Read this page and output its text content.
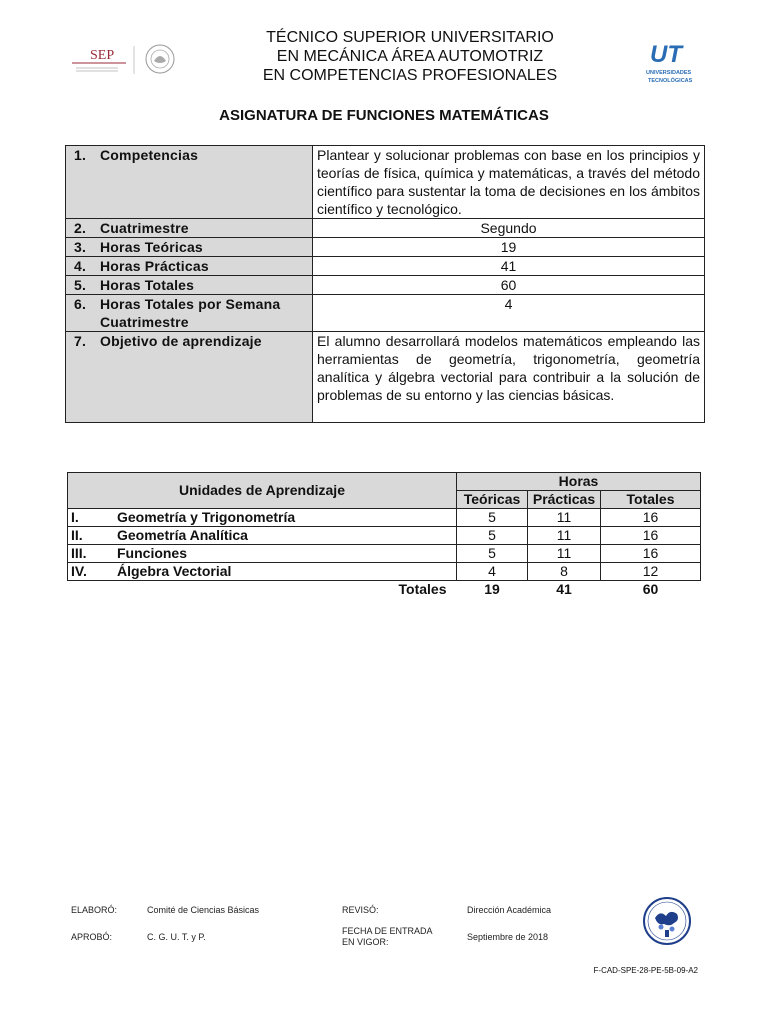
SEP	UT
UNIVERSIDADES
TECNOLÓGICAS
TÉCNICO SUPERIOR UNIVERSITARIO
EN MECÁNICA ÁREA AUTOMOTRIZ
EN COMPETENCIAS PROFESIONALES
ASIGNATURA DE FUNCIONES MATEMÁTICAS
1. Competencias	Plantear y solucionar problemas con base en los principios y teorías de física, química y matemáticas, a través del método científico para sustentar la toma de decisiones en los ámbitos científico y tecnológico.
2. Cuatrimestre	Segundo
3. Horas Teóricas	19
4. Horas Prácticas	41
5. Horas Totales	60
6. Horas Totales por Semana
Cuatrimestre	4
7. Objetivo de aprendizaje	El alumno desarrollará modelos matemáticos empleando las herramientas de geometría, trigonometría, geometría analítica y álgebra vectorial para contribuir a la solución de problemas de su entorno y las ciencias básicas.
Unidades de Aprendizaje	Horas		
	Teóricas	Prácticas	Totales
I. Geometría y Trigonometría	5	11	16
II. Geometría Analítica	5	11	16
III. Funciones	5	11	16
IV. Álgebra Vectorial	4	8	12
Totales	19	41	60
ELABORÓ:	Comité de Ciencias Básicas	REVISÓ:	Dirección Académica
APROBÓ:	C. G. U. T. y P.
FECHA DE ENTRADA
EN VIGOR:	Septiembre de 2018
F-CAD-SPE-28-PE-5B-09-A2
